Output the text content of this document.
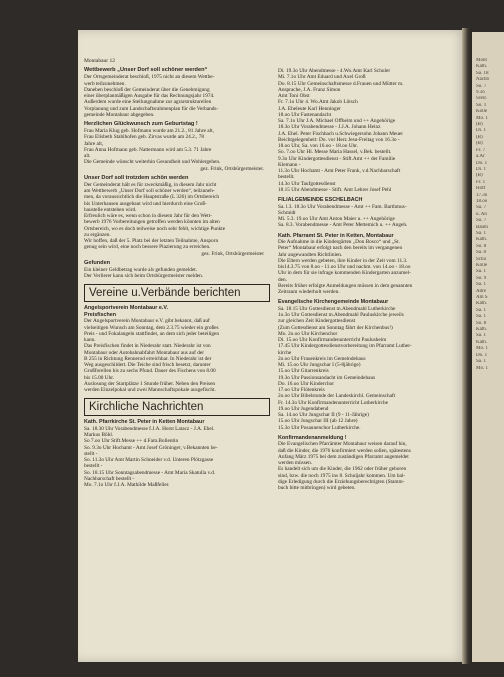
Mont
Kath.
Sa. 18
Nachb
So. 7
9.3o
verst.
So. 1
Kölle
Mo. 1
(B)
Di. 1
(B)
(B)
Fr. 7
a.Ar
Do. 1
Di. 1
(B)
Fr. 1
Hoff
17.3o
18.oo
Sa. 7
u. An
So. 7
Baum
Sa. 1
Kath.
So. 8
Sa. 8
Schü
Kölle
Sa. 1
So. 9
Sa. 1
Adre
Am S
Kath.
Sa. 1
Sa. 1
So. 8
Kath.
Sa. 1
Kath.
Mo. 1
Do. 1
Sa. 1
Mo. 1
Montabaur 12
Wettbewerb „Unser Dorf soll schöner werden“
Der Ortsgemeinderat beschloß, 1975 nicht an diesem Wettbe-
werb teilzunehmen.
Daneben beschloß der Gemeinderat über die Genehmigung
einer überplanmäßigen Ausgabe für das Rechnungsjahr 1974.
Außerdem wurde eine Stellungnahme zur agrarstrukturellen
Vorplanung und zum Landschaftsrahmenplan für die Verbands-
gemeinde Montabaur abgegeben.
Herzlichen Glückwunsch zum Geburtstag !
Frau Maria Klug geb. Hofmann wurde am 21.2., 81 Jahre alt,
Frau Elisbeth Stahlhofen geb. Zirvas wurde am 24.2., 78
Jahre alt,
Frau Anna Hofmann geb. Nattermann wird am 5.3. 71 Jahre
alt.
Die Gemeinde wünscht weiterhin Gesundheit und Wohlergehen.
gez. Frink, Ortsbürgermeister.
Unser Dorf soll trotzdem schön werden
Der Gemeinderat hält es für zweckmäßig, in diesem Jahr nicht
am Wettbewerb „Unser Dorf soll schöner werden“, teilzuneh-
men, da voraussichtlich die Hauptstraße (L 326) im Ortsbereich
bis Unterhausen ausgebaut wird und hierdurch eine Groß-
baustelle entstehen wird.
Erfreulich wäre es, wenn schon in diesem Jahr für den Wett-
bewerb 1976 Vorbereitungen getroffen werden könnten im alten
Ortsbereich, wo es doch teilweise noch sehr fehlt, wichtige Punkte
zu ergänzen.
Wir hoffen, daß der 5. Platz bei der letzten Teilnahme, Ansporn
genug sein wird, eine noch bessere Plazierung zu erreichen.
gez. Frink, Ortsbürgermeister
Gefunden
Ein kleiner Geldbetrag wurde als gefunden gemeldet.
Der Verlierer kann sich beim Ortsbürgermeister melden.
Vereine u.Verbände berichten
Angelsportverein Montabaur e.V.
Preisfischen
Der Angelsportverein Montabaur e.V. gibt bekannt, daß auf
vielseitigen Wunsch am Sonntag, dem 2.3.75 wieder ein großes
Preis - und Fokalangeln stattfindet, an dem sich jeder beteiligen
kann.
Das Preisfischen findet in Niederahr statt. Niederahr ist von
Montabaur oder Autobahnabfahrt Montabaur aus auf der
B 255 in Richtung Rennerod erreichbar. In Niederahr ist der
Weg ausgeschildert. Die Teiche sind frisch besetzt, darunter
Großforellen bis zu sechs Pfund. Dauer des Fischens von 8.00
bis 15.00 Uhr.
Auslosung der Startplätze 1 Stunde früher. Neben den Preisen
werden Einzelpokal und zwei Mannschaftspokale ausgefischt.
Kirchliche Nachrichten
Kath. Pfarrkirche St. Peter in Ketten Montabaur
Sa. 18.30 Uhr Vorabendmesse f.J.A. Horst Latacz - J.A. Ehel.
Markus Böhl.
So 7.oo Uhr Stift.Messe ++ d.Fam.Bollentin
So. 9.3o Uhr Hochamt - Amt Josef Gröninger, v.Bekannten be-
stellt -
So. 11.3o Uhr Amt Martin Schneider v.d. Unteren Plötzgasse
bestellt -
So. 18.15 Uhr Sonntagsabendmesse - Amt Maria Skatulla v.d.
Nachbarschaft bestellt -
Mo. 7.1o Uhr f.J.A. Mathilde Maßfeller.
Di. 19.3o Uhr Abendmesse - 4.Wo.Amt Karl Schuler
Mi. 7.1o Uhr Amt Eduard und Axel Groß
Do. 8.15 Uhr Gemeinschaftsmesse d.Frauen und Mütter m.
Ansprache, J.A. Franz Simon
Amt Toni Obst
Fr. 7.1o Uhr 4. Wo.Amt Jakob Lötsch
J.A. Eheleute Karl Henninger
18.oo Uhr Fastenandacht
Sa. 7.1o Uhr J.A. Michael Offheim und ++ Angehörige
18.3o Uhr Vorabendmesse - J.J.A. Johann Heinz
J.A. Ehel. Peter Fischbach u.Schwiegersohn Johann Meuer
Beichtgelegenheit: Do. vor Herz Jesu-Freitag von 16.3o -
18.oo Uhr, Sa. von 16.oo - 18.oo Uhr.
So. 7.oo Uhr Hl. Messe Maria Hassel, v.Bek. bestellt.
9.3o Uhr Kindergottesdienst - Stift.Amt ++ der Familie
Klemann -
11.3o Uhr Hochamt - Amt Peter Frank, v.d.Nachbarschaft
bestellt.
14.3o Uhr Taufgottesdienst
18.15 Uhr Abendmesse - Stift. Amt Lehrer Josef Pehl
FILIALGEMEINDE ESCHELBACH
Sa. l.3. 18.3o Uhr Vorabendmesse - Amt ++ Fam. Barthmus-
Schmidt
Mi. 5.3. 19.oo Uhr Amt Anton Maier u. ++ Angehörige
Sa. 8.3. Vorabendmesse - Amt Peter Mettemich u. ++ Angeh.
Kath. Pfarramt St. Peter in Ketten, Montabaur
Die Aufnahme in die Kindergärten „Don Bosco“ und „St.
Peter“ Montabaur erfolgt nach den bereits im vergangenen
Jahr angewandten Richtlinien.
Die Eltern werden gebeten, ihre Kinder in der Zeit vom 11.3.
bis14.3.75 von 8.oo - 11.oo Uhr und nachm. von 14.oo - 18.oo
Uhr in dem für sie infrage kommenden Kindergarten anzumel-
den.
Bereits früher erfolgte Anmeldungen müssen in dem genannten
Zeitraum wiederholt werden.
Evangelische Kirchengemeinde Montabaur
Sa. 18.15 Uhr Gottesdienst m.Abendmahl Lutherkirche
1o.3o Uhr Gottesdienst m.Abendmahl Pauluskirche jeweils
zur gleichen Zeit Kindergottesdienst
(Zum Gottesdienst am Sonntag fährt der Kirchenbus!)
Mo. 2o.oo Uhr Kirchenchor
Di. 15.oo Uhr Konfirmandenunterricht Paulusheim
17.45 Uhr Kindergottesdienstvorbereitung im Pfarramt Luther-
kirche
2o.oo Uhr Frauenkreis im Gemeindehaus
Mi. 15.oo Uhr Jungschar I (5-8jährige)
15.oo Uhr Gitarrenkreis
19.3o Uhr Passionsandacht im Gemeindehaus
Do. 16.oo Uhr Kinderchor
17.oo Uhr Flötenkreis
2o.oo Uhr Bibelstunde der Landeskirchl. Gemeinschaft
Fr. 14.3o Uhr Konfirmandenunterricht Lutherkirche
19.oo Uhr Jugendabend
Sa. 14.oo Uhr Jungschar II (9 - 11-Jährige)
15.oo Uhr Jungschar III (ab 12 Jahre)
15.3o Uhr Posaunenchor Lutherkirche.
Konfirmandenanmeldung !
Die Evangelischen Pfarrämter Montabaur weisen darauf hin,
daß die Kinder, die 1976 konfirmiert werden sollen, spätestens
Anfang März 1975 bei dem zuständigen Pfarramt angemeldet
werden müssen.
Es handelt sich um die Kinder, die 1962 oder früher geboren
sind, bzw. die noch 1975 ins 8. Schuljahr kommen. Um bal-
dige Erledigung durch die Erziehungsberechtigten (Stamm-
buch bitte mitbringen) wird gebeten.
